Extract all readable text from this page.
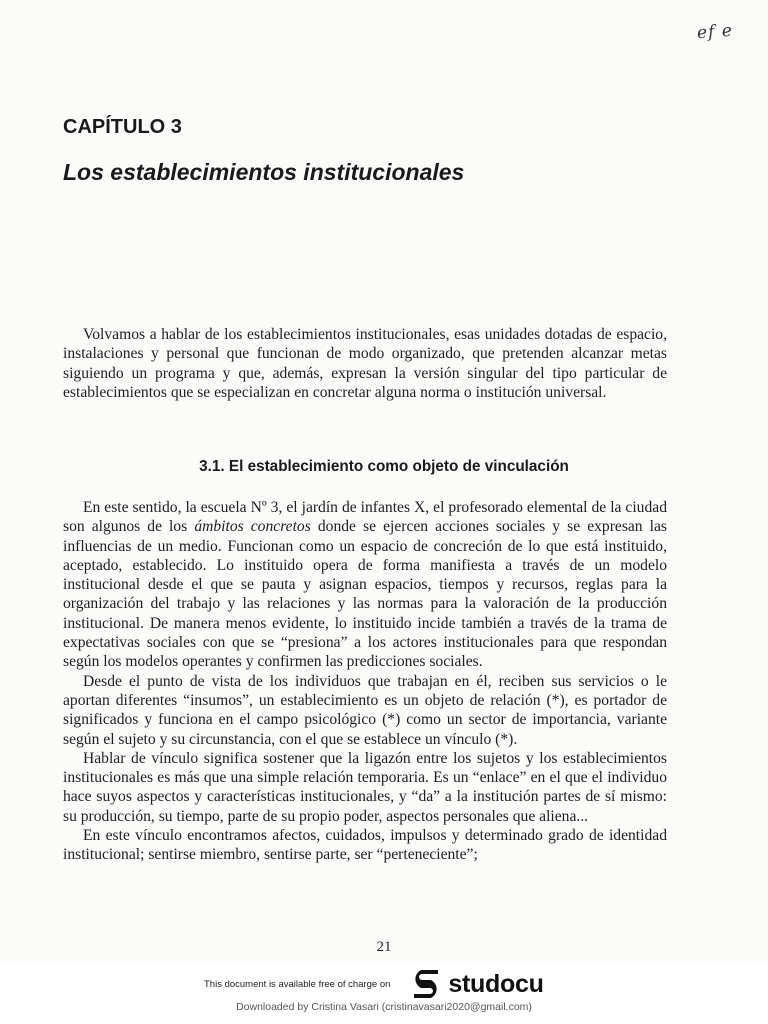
ef e
CAPÍTULO 3
Los establecimientos institucionales

Volvamos a hablar de los establecimientos institucionales, esas unidades dotadas de espacio, instalaciones y personal que funcionan de modo organizado, que pretenden alcanzar metas siguiendo un programa y que, además, expresan la versión singular del tipo particular de establecimientos que se especializan en concretar alguna norma o institución universal.

3.1. El establecimiento como objeto de vinculación

En este sentido, la escuela Nº 3, el jardín de infantes X, el profesorado elemental de la ciudad son algunos de los ámbitos concretos donde se ejercen acciones sociales y se expresan las influencias de un medio. Funcionan como un espacio de concreción de lo que está instituido, aceptado, establecido. Lo instituido opera de forma manifiesta a través de un modelo institucional desde el que se pauta y asignan espacios, tiempos y recursos, reglas para la organización del trabajo y las relaciones y las normas para la valoración de la producción institucional. De manera menos evidente, lo instituido incide también a través de la trama de expectativas sociales con que se “presiona” a los actores institucionales para que respondan según los modelos operantes y confirmen las predicciones sociales.

Desde el punto de vista de los individuos que trabajan en él, reciben sus servicios o le aportan diferentes “insumos”, un establecimiento es un objeto de relación (*), es portador de significados y funciona en el campo psicológico (*) como un sector de importancia, variante según el sujeto y su circunstancia, con el que se establece un vínculo (*).

Hablar de vínculo significa sostener que la ligazón entre los sujetos y los establecimientos institucionales es más que una simple relación temporaria. Es un “enlace” en el que el individuo hace suyos aspectos y características institucionales, y “da” a la institución partes de sí mismo: su producción, su tiempo, parte de su propio poder, aspectos personales que aliena...

En este vínculo encontramos afectos, cuidados, impulsos y determinado grado de identidad institucional; sentirse miembro, sentirse parte, ser “perteneciente”;

21
This document is available free of charge on studocu
Downloaded by Cristina Vasari (cristinavasari2020@gmail.com)
